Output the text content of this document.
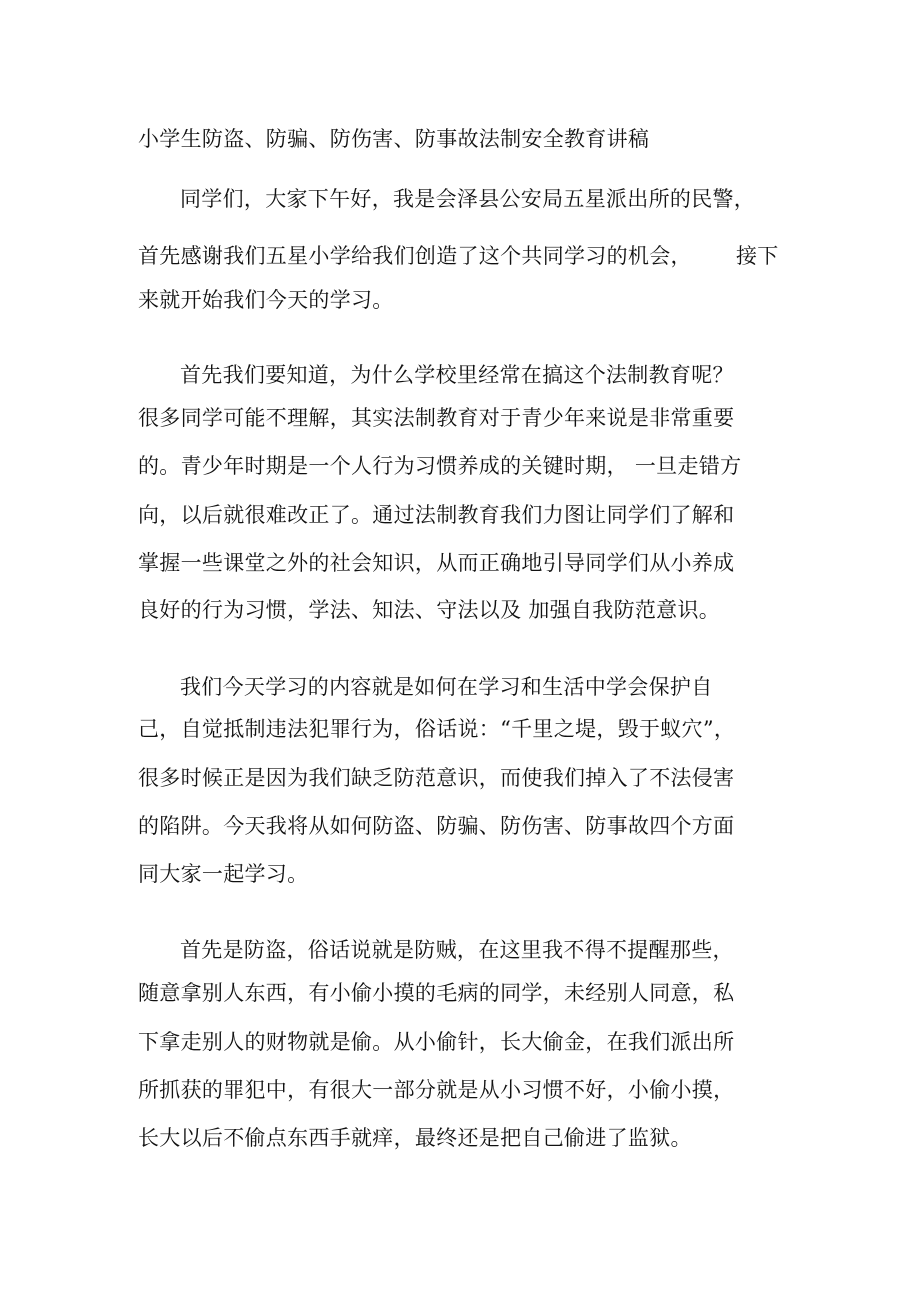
小学生防盗、防骗、防伤害、防事故法制安全教育讲稿

同学们，大家下午好，我是会泽县公安局五星派出所的民警，

首先感谢我们五星小学给我们创造了这个共同学习的机会， 接下

来就开始我们今天的学习。

首先我们要知道，为什么学校里经常在搞这个法制教育呢？

很多同学可能不理解，其实法制教育对于青少年来说是非常重要

的。青少年时期是一个人行为习惯养成的关键时期， 一旦走错方

向，以后就很难改正了。通过法制教育我们力图让同学们了解和

掌握一些课堂之外的社会知识，从而正确地引导同学们从小养成

良好的行为习惯，学法、知法、守法以及 加强自我防范意识。

我们今天学习的内容就是如何在学习和生活中学会保护自

己，自觉抵制违法犯罪行为，俗话说：“千里之堤，毁于蚁穴”，

很多时候正是因为我们缺乏防范意识，而使我们掉入了不法侵害

的陷阱。今天我将从如何防盗、防骗、防伤害、防事故四个方面

同大家一起学习。

首先是防盗，俗话说就是防贼，在这里我不得不提醒那些，

随意拿别人东西，有小偷小摸的毛病的同学，未经别人同意，私

下拿走别人的财物就是偷。从小偷针，长大偷金，在我们派出所

所抓获的罪犯中，有很大一部分就是从小习惯不好，小偷小摸，

长大以后不偷点东西手就痒，最终还是把自己偷进了监狱。
